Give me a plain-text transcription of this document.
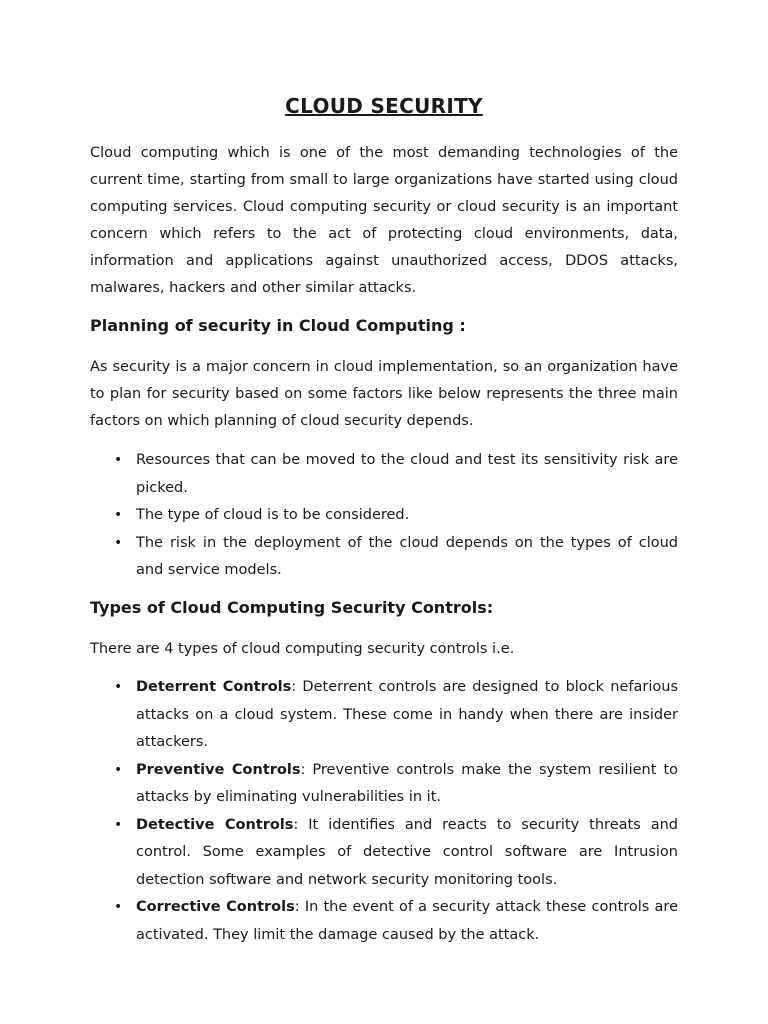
CLOUD SECURITY

Cloud computing which is one of the most demanding technologies of the current time, starting from small to large organizations have started using cloud computing services. Cloud computing security or cloud security is an important concern which refers to the act of protecting cloud environments, data, information and applications against unauthorized access, DDOS attacks, malwares, hackers and other similar attacks.

Planning of security in Cloud Computing :

As security is a major concern in cloud implementation, so an organization have to plan for security based on some factors like below represents the three main factors on which planning of cloud security depends.

• Resources that can be moved to the cloud and test its sensitivity risk are picked.
• The type of cloud is to be considered.
• The risk in the deployment of the cloud depends on the types of cloud and service models.
Types of Cloud Computing Security Controls:

There are 4 types of cloud computing security controls i.e.

• Deterrent Controls: Deterrent controls are designed to block nefarious attacks on a cloud system. These come in handy when there are insider attackers.
• Preventive Controls: Preventive controls make the system resilient to attacks by eliminating vulnerabilities in it.
• Detective Controls: It identifies and reacts to security threats and control. Some examples of detective control software are Intrusion detection software and network security monitoring tools.
• Corrective Controls: In the event of a security attack these controls are activated. They limit the damage caused by the attack.
